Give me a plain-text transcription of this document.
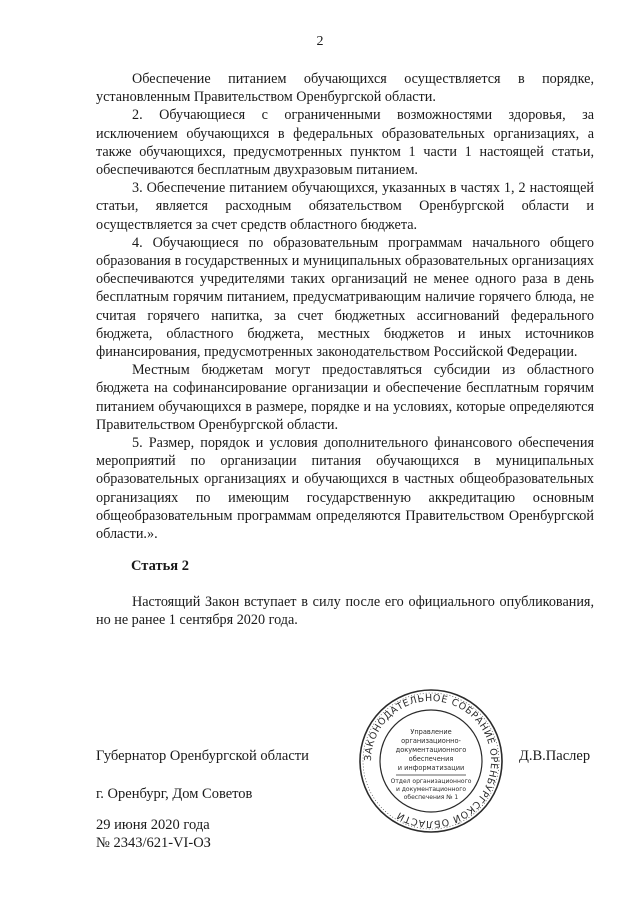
2

Обеспечение питанием обучающихся осуществляется в порядке, установленным Правительством Оренбургской области.

2. Обучающиеся с ограниченными возможностями здоровья, за исключением обучающихся в федеральных образовательных организациях, а также обучающихся, предусмотренных пунктом 1 части 1 настоящей статьи, обеспечиваются бесплатным двухразовым питанием.

3. Обеспечение питанием обучающихся, указанных в частях 1, 2 настоящей статьи, является расходным обязательством Оренбургской области и осуществляется за счет средств областного бюджета.

4. Обучающиеся по образовательным программам начального общего образования в государственных и муниципальных образовательных организациях обеспечиваются учредителями таких организаций не менее одного раза в день бесплатным горячим питанием, предусматривающим наличие горячего блюда, не считая горячего напитка, за счет бюджетных ассигнований федерального бюджета, областного бюджета, местных бюджетов и иных источников финансирования, предусмотренных законодательством Российской Федерации.

Местным бюджетам могут предоставляться субсидии из областного бюджета на софинансирование организации и обеспечение бесплатным горячим питанием обучающихся в размере, порядке и на условиях, которые определяются Правительством Оренбургской области.

5. Размер, порядок и условия дополнительного финансового обеспечения мероприятий по организации питания обучающихся в муниципальных образовательных организациях и обучающихся в частных общеобразовательных организациях по имеющим государственную аккредитацию основным общеобразовательным программам определяются Правительством Оренбургской области.».

Статья 2

Настоящий Закон вступает в силу после его официального опубликования, но не ранее 1 сентября 2020 года.

Губернатор Оренбургской области	Д.В.Паслер
г. Оренбург, Дом Советов
29 июня 2020 года
№ 2343/621-VI-ОЗ
ЗАКОНОДАТЕЛЬНОЕ СОБРАНИЕ ОРЕНБУРГСКОЙ ОБЛАСТИ
Управление
организационно-
документационного
обеспечения
и информатизации
Отдел организационного
и документационного
обеспечения № 1
